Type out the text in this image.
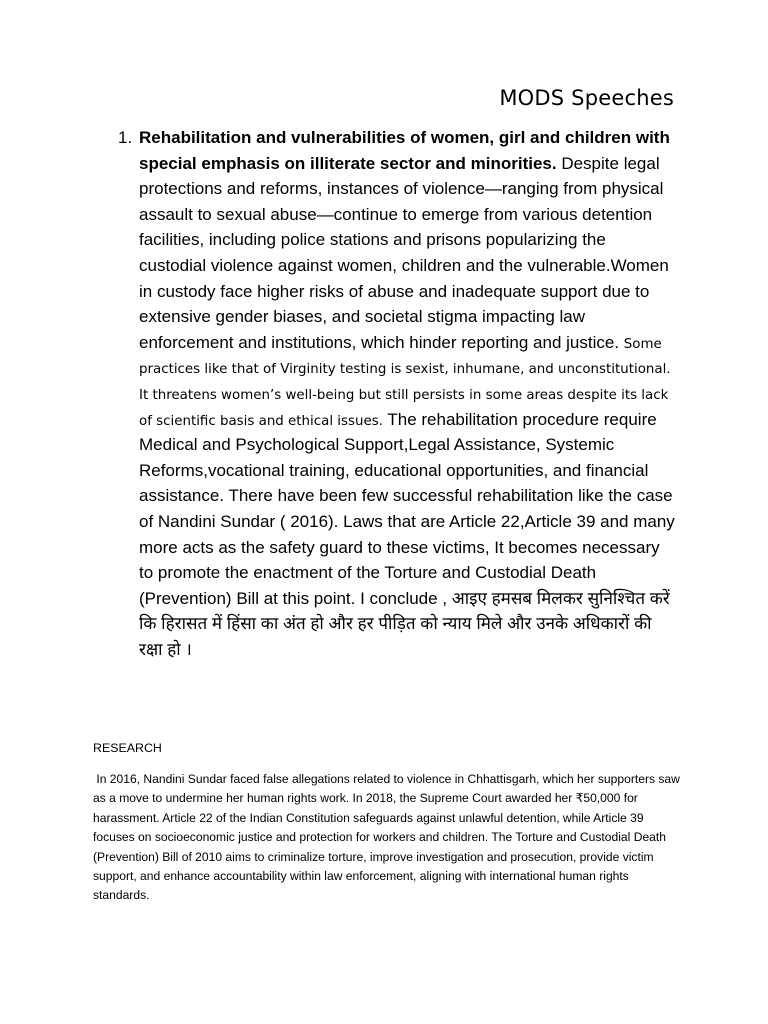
MODS Speeches
1. Rehabilitation and vulnerabilities of women, girl and children with special emphasis on illiterate sector and minorities. Despite legal protections and reforms, instances of violence—ranging from physical assault to sexual abuse—continue to emerge from various detention facilities, including police stations and prisons popularizing the custodial violence against women, children and the vulnerable.Women in custody face higher risks of abuse and inadequate support due to extensive gender biases, and societal stigma impacting law enforcement and institutions, which hinder reporting and justice. Some practices like that of Virginity testing is sexist, inhumane, and unconstitutional. It threatens women’s well-being but still persists in some areas despite its lack of scientific basis and ethical issues. The rehabilitation procedure require Medical and Psychological Support,Legal Assistance, Systemic Reforms,vocational training, educational opportunities, and financial assistance. There have been few successful rehabilitation like the case of Nandini Sundar ( 2016). Laws that are Article 22,Article 39 and many more acts as the safety guard to these victims, It becomes necessary to promote the enactment of the Torture and Custodial Death (Prevention) Bill at this point. I conclude , आइए हमसब मिलकर सुनिश्चित करें कि हिरासत में हिंसा का अंत हो और हर पीड़ित को न्याय मिले और उनके अधिकारों की रक्षा हो ।
RESEARCH

In 2016, Nandini Sundar faced false allegations related to violence in Chhattisgarh, which her supporters saw as a move to undermine her human rights work. In 2018, the Supreme Court awarded her ₹50,000 for harassment. Article 22 of the Indian Constitution safeguards against unlawful detention, while Article 39 focuses on socioeconomic justice and protection for workers and children. The Torture and Custodial Death (Prevention) Bill of 2010 aims to criminalize torture, improve investigation and prosecution, provide victim support, and enhance accountability within law enforcement, aligning with international human rights standards.
